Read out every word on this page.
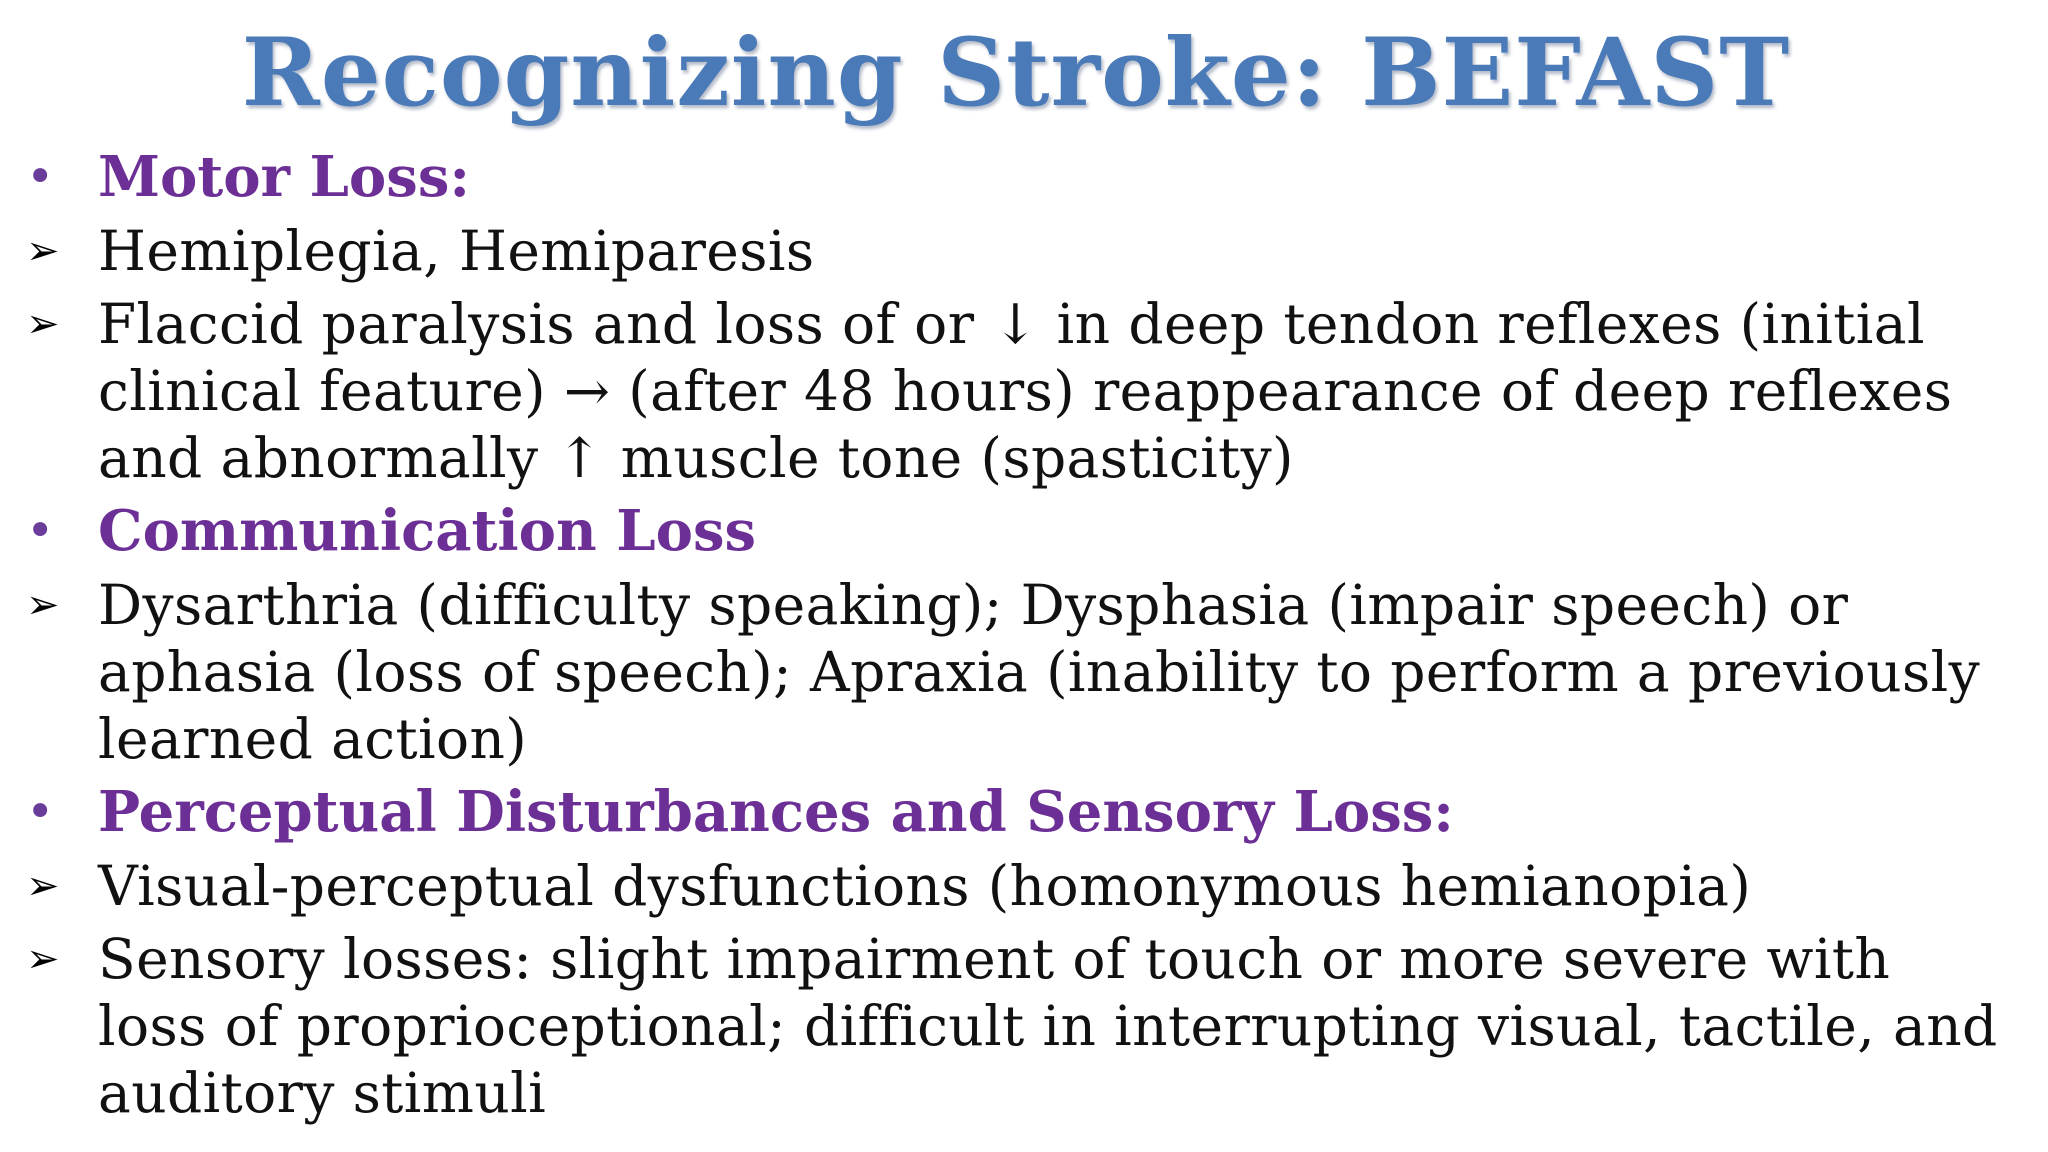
Recognizing Stroke: BEFAST
• Motor Loss:
➢ Hemiplegia, Hemiparesis
➢ Flaccid paralysis and loss of or ↓ in deep tendon reflexes (initial clinical feature) → (after 48 hours) reappearance of deep reflexes and abnormally ↑ muscle tone (spasticity)
• Communication Loss
➢ Dysarthria (difficulty speaking); Dysphasia (impair speech) or aphasia (loss of speech); Apraxia (inability to perform a previously learned action)
• Perceptual Disturbances and Sensory Loss:
➢ Visual-perceptual dysfunctions (homonymous hemianopia)
➢ Sensory losses: slight impairment of touch or more severe with loss of proprioceptional; difficult in interrupting visual, tactile, and auditory stimuli
